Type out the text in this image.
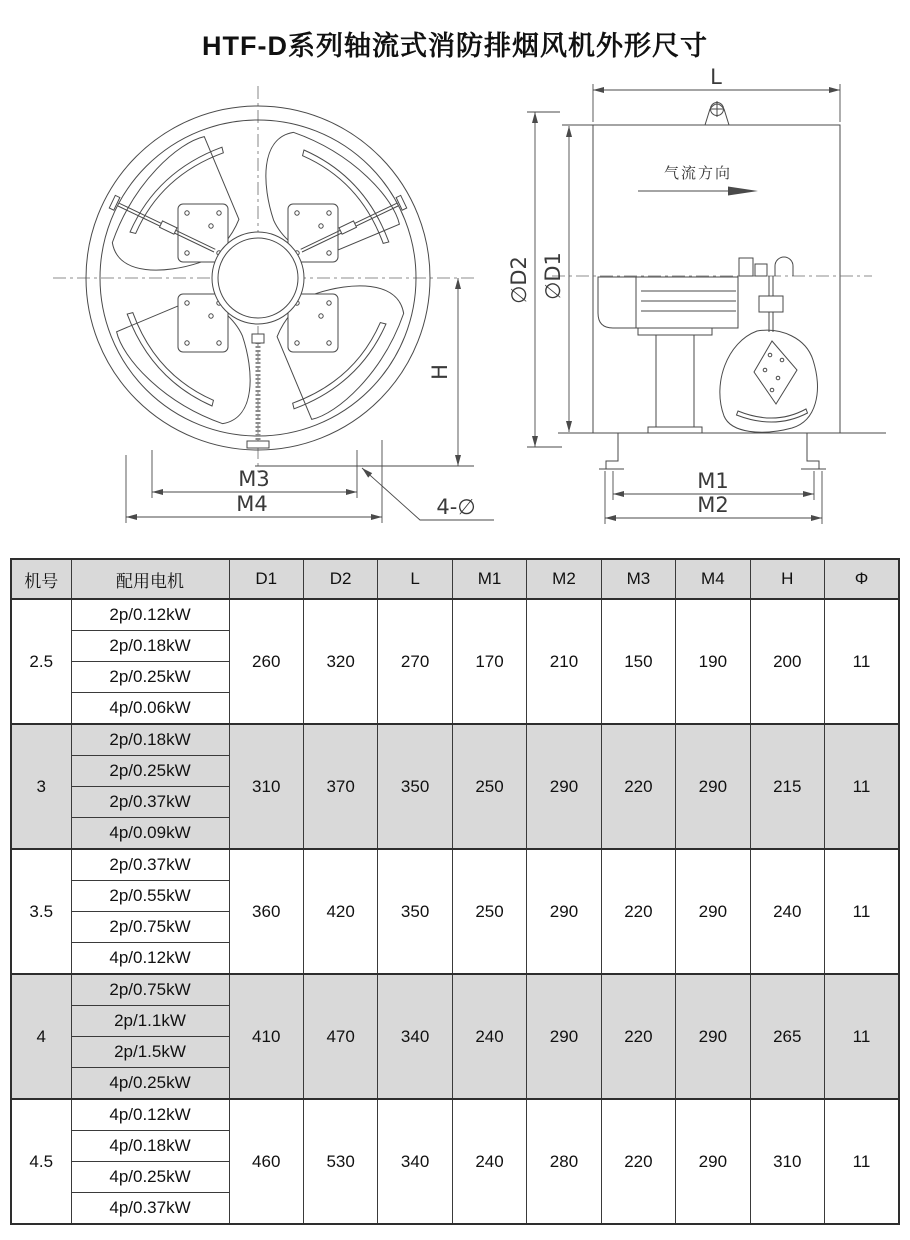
HTF-D系列轴流式消防排烟风机外形尺寸
H
M3
M4	4-∅
气流方向
L
∅D2 ∅D1
M1
M2
机号	配用电机	D1	D2	L	M1	M2	M3	M4	H	Φ
2.5	2p/0.12kW	260	320	270	170	210	150	190	200	11
	2p/0.18kW									
	2p/0.25kW									
	4p/0.06kW									
3	2p/0.18kW	310	370	350	250	290	220	290	215	11
	2p/0.25kW									
	2p/0.37kW									
	4p/0.09kW									
3.5	2p/0.37kW	360	420	350	250	290	220	290	240	11
	2p/0.55kW									
	2p/0.75kW									
	4p/0.12kW									
4	2p/0.75kW	410	470	340	240	290	220	290	265	11
	2p/1.1kW									
	2p/1.5kW									
	4p/0.25kW									
4.5	4p/0.12kW	460	530	340	240	280	220	290	310	11
	4p/0.18kW									
	4p/0.25kW									
	4p/0.37kW									
